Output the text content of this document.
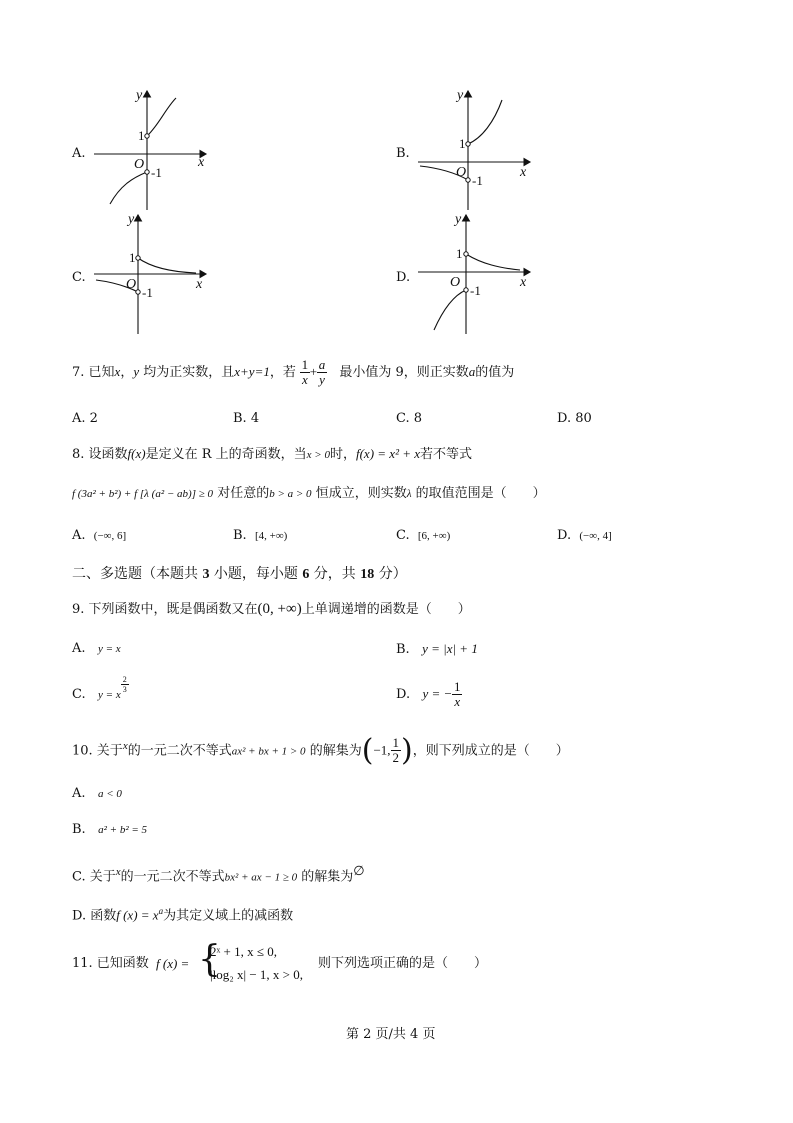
A.
y
x
O
1
-1
B.
y
x
O
1
-1
C.
y
x
O
1
-1
D.
y
x
O
1
-1
7. 已知x，y 均为正实数，且x+y=1，若 $\frac{1}{x} + \frac{a}{y}$ 最小值为 9，则正实数a的值为
A. 2	B. 4	C. 8	D. 80
8. 设函数f(x)是定义在 R 上的奇函数，当x > 0时，f(x) = x² + x若不等式
f (3a² + b²) + f [λ (a² − ab)] ≥ 0 对任意的b > a > 0 恒成立，则实数λ 的取值范围是（　　）
A. (−∞, 6]	B. [4, +∞)	C. [6, +∞)	D. (−∞, 4]
二、多选题（本题共 3 小题，每小题 6 分，共 18 分）
9. 下列函数中，既是偶函数又在(0, +∞)上单调递增的函数是（　　）
A. y = x	B. y = |x| + 1
C. y = x
$\frac{2}{3}$
D. y = − $\frac{1}{x}$
10. 关于$^x$的一元二次不等式ax² + bx + 1 > 0 的解集为(−1, $\frac{1}{2}$ )，则下列成立的是（　　）
A. a < 0
B. a² + b² = 5
C. 关于$^x$的一元二次不等式bx² + ax − 1 ≥ 0 的解集为∅
D. 函数f $(x) = x^a$为其定义域上的减函数
11. 已知函数 f (x) = {
2ˣ + 1, x ≤ 0,
|log₂ x| − 1, x > 0,
则下列选项正确的是（　　）
第 2 页/共 4 页
